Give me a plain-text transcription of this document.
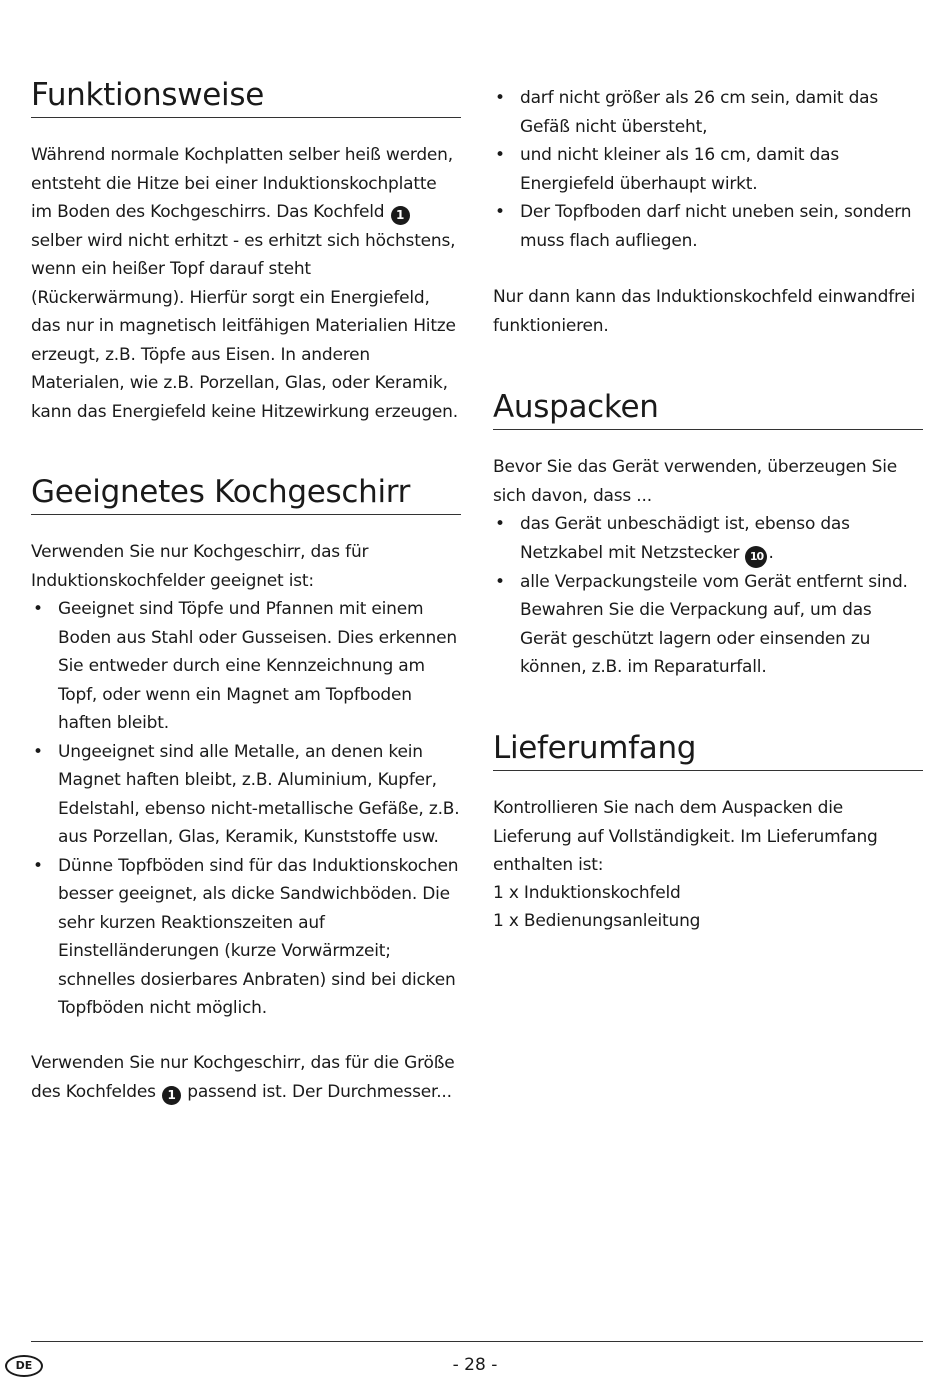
Funktionsweise

Während normale Kochplatten selber heiß werden, entsteht die Hitze bei einer Induktionskochplatte im Boden des Kochgeschirrs. Das Kochfeld 1 selber wird nicht erhitzt - es erhitzt sich höchstens, wenn ein heißer Topf darauf steht (Rückerwärmung). Hierfür sorgt ein Energiefeld, das nur in magnetisch leitfähigen Materialien Hitze erzeugt, z.B. Töpfe aus Eisen. In anderen Materialen, wie z.B. Porzellan, Glas, oder Keramik, kann das Energiefeld keine Hitzewirkung erzeugen.

Geeignetes Kochgeschirr

Verwenden Sie nur Kochgeschirr, das für Induktionskochfelder geeignet ist:

• Geeignet sind Töpfe und Pfannen mit einem Boden aus Stahl oder Gusseisen. Dies erkennen Sie entweder durch eine Kennzeichnung am Topf, oder wenn ein Magnet am Topfboden haften bleibt.
• Ungeeignet sind alle Metalle, an denen kein Magnet haften bleibt, z.B. Aluminium, Kupfer, Edelstahl, ebenso nicht-metallische Gefäße, z.B. aus Porzellan, Glas, Keramik, Kunststoffe usw.
• Dünne Topfböden sind für das Induktionskochen besser geeignet, als dicke Sandwichböden. Die sehr kurzen Reaktionszeiten auf Einstelländerungen (kurze Vorwärmzeit; schnelles dosierbares Anbraten) sind bei dicken Topfböden nicht möglich.

Verwenden Sie nur Kochgeschirr, das für die Größe des Kochfeldes 1 passend ist. Der Durchmesser...

• darf nicht größer als 26 cm sein, damit das Gefäß nicht übersteht,
• und nicht kleiner als 16 cm, damit das Energiefeld überhaupt wirkt.
• Der Topfboden darf nicht uneben sein, sondern muss flach aufliegen.

Nur dann kann das Induktionskochfeld einwandfrei funktionieren.

Auspacken

Bevor Sie das Gerät verwenden, überzeugen Sie sich davon, dass ...

• das Gerät unbeschädigt ist, ebenso das Netzkabel mit Netzstecker 10 .
• alle Verpackungsteile vom Gerät entfernt sind. Bewahren Sie die Verpackung auf, um das Gerät geschützt lagern oder einsenden zu können, z.B. im Reparaturfall.
Lieferumfang

Kontrollieren Sie nach dem Auspacken die Lieferung auf Vollständigkeit. Im Lieferumfang enthalten ist:

1 x Induktionskochfeld

1 x Bedienungsanleitung

DE	- 28 -
